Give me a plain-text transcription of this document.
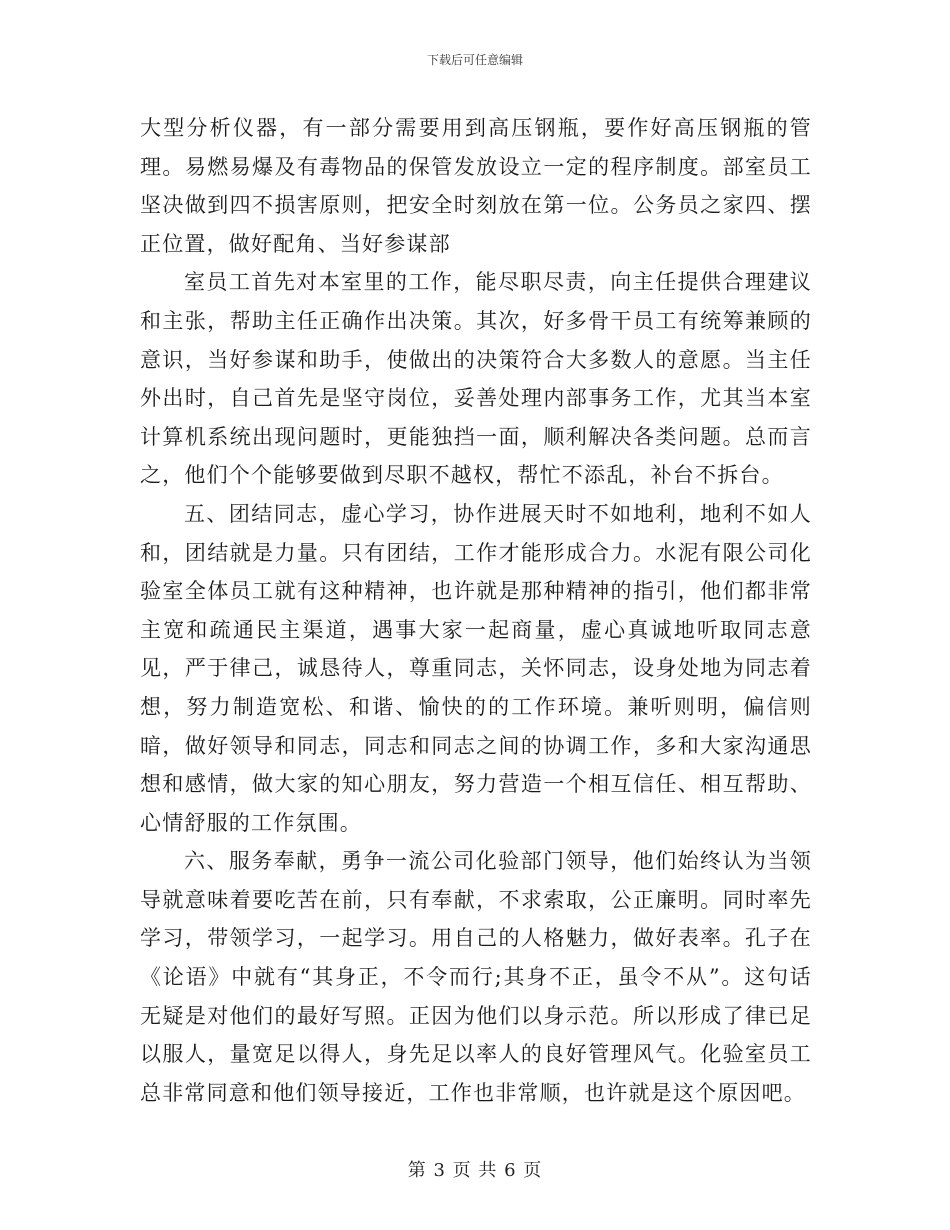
下载后可任意编辑

大型分析仪器，有一部分需要用到高压钢瓶，要作好高压钢瓶的管理。易燃易爆及有毒物品的保管发放设立一定的程序制度。部室员工坚决做到四不损害原则，把安全时刻放在第一位。公务员之家四、摆正位置，做好配角、当好参谋部

室员工首先对本室里的工作，能尽职尽责，向主任提供合理建议和主张，帮助主任正确作出决策。其次，好多骨干员工有统筹兼顾的意识，当好参谋和助手，使做出的决策符合大多数人的意愿。当主任外出时，自己首先是坚守岗位，妥善处理内部事务工作，尤其当本室计算机系统出现问题时，更能独挡一面，顺利解决各类问题。总而言之，他们个个能够要做到尽职不越权，帮忙不添乱，补台不拆台。

五、团结同志，虚心学习，协作进展天时不如地利，地利不如人和，团结就是力量。只有团结，工作才能形成合力。水泥有限公司化验室全体员工就有这种精神，也许就是那种精神的指引，他们都非常主宽和疏通民主渠道，遇事大家一起商量，虚心真诚地听取同志意见，严于律己，诚恳待人，尊重同志，关怀同志，设身处地为同志着想，努力制造宽松、和谐、愉快的的工作环境。兼听则明，偏信则暗，做好领导和同志，同志和同志之间的协调工作，多和大家沟通思想和感情，做大家的知心朋友，努力营造一个相互信任、相互帮助、心情舒服的工作氛围。

六、服务奉献，勇争一流公司化验部门领导，他们始终认为当领导就意味着要吃苦在前，只有奉献，不求索取，公正廉明。同时率先学习，带领学习，一起学习。用自己的人格魅力，做好表率。孔子在《论语》中就有“其身正，不令而行;其身不正，虽令不从”。这句话无疑是对他们的最好写照。正因为他们以身示范。所以形成了律已足以服人，量宽足以得人，身先足以率人的良好管理风气。化验室员工总非常同意和他们领导接近，工作也非常顺，也许就是这个原因吧。

第 3 页 共 6 页
